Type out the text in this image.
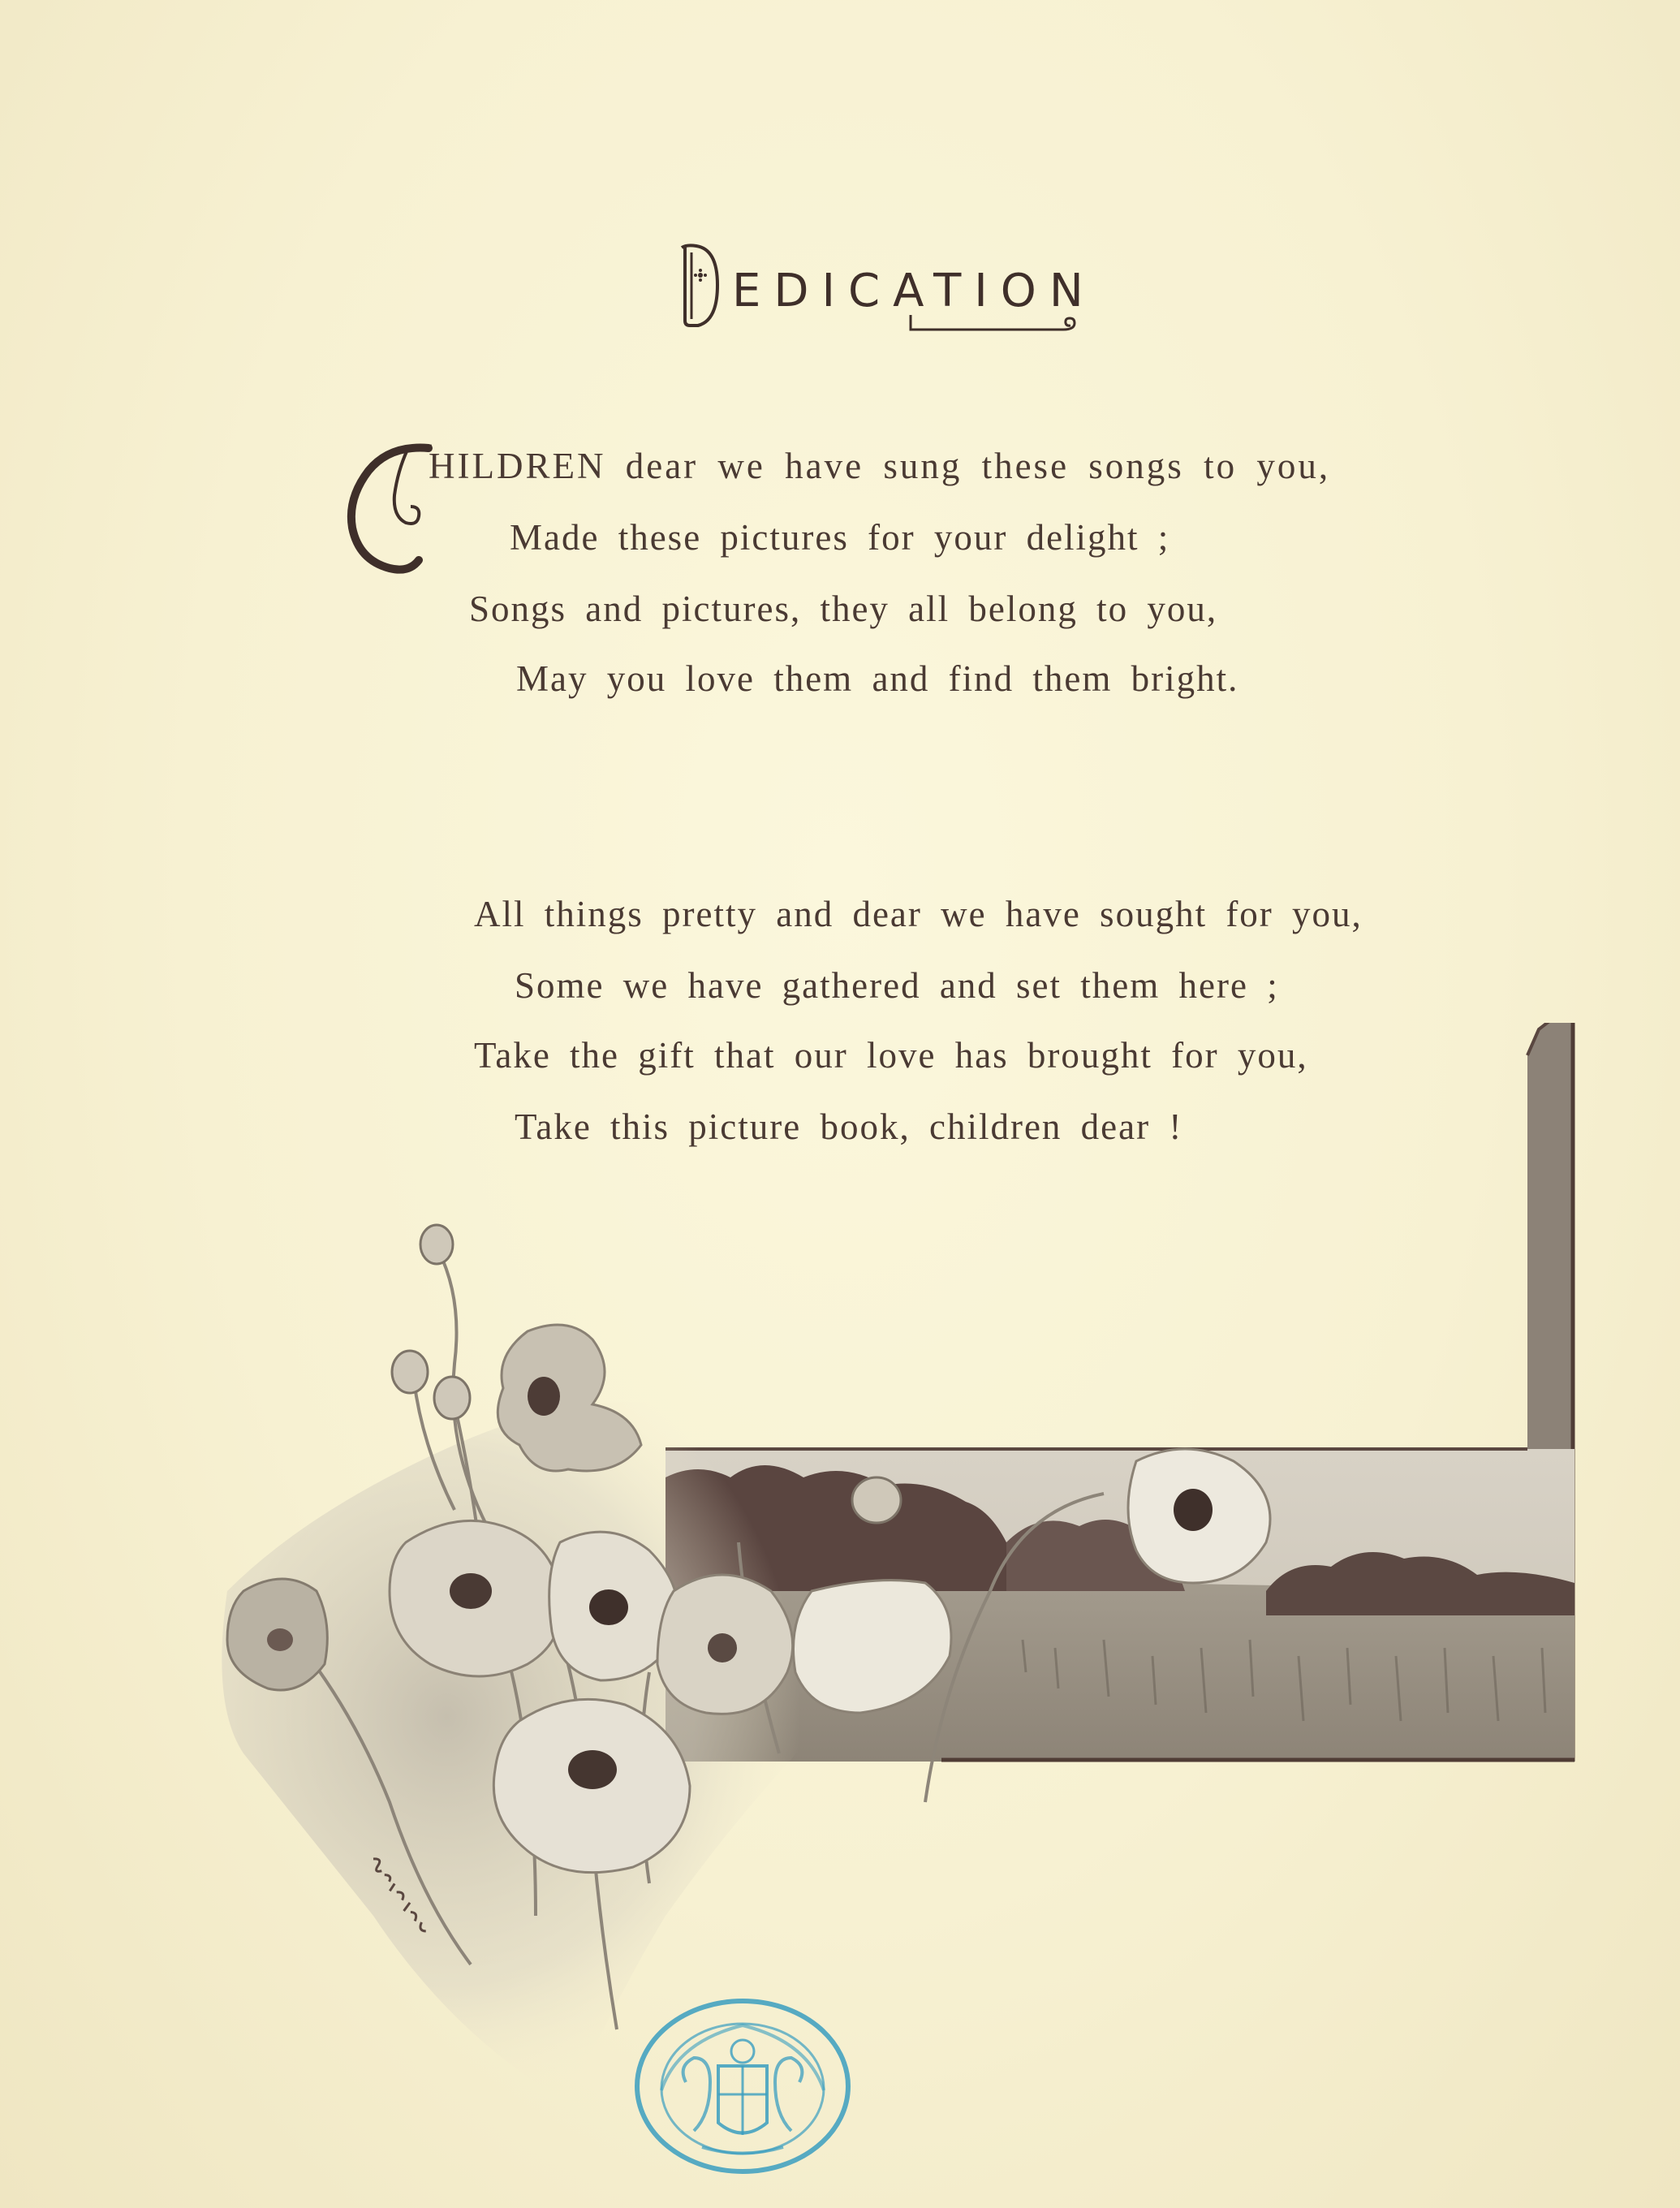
EDICATION
HILDREN dear we have sung these songs to you,
Made these pictures for your delight ;
Songs and pictures, they all belong to you,
May you love them and find them bright.
All things pretty and dear we have sought for you,
Some we have gathered and set them here ;
Take the gift that our love has brought for you,
Take this picture book, children dear !
